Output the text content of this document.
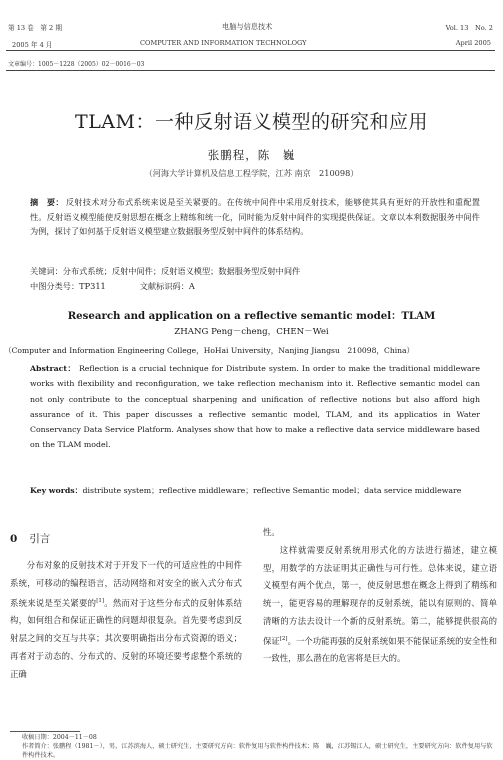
第 13 卷　第 2 期
2005 年 4 月
电脑与信息技术
COMPUTER AND INFORMATION TECHNOLOGY
Vol. 13　No. 2
April 2005
文章编号：1005－1228（2005）02－0016－03
TLAM：一种反射语义模型的研究和应用
张鹏程，陈　巍
（河海大学计算机及信息工程学院，江苏 南京　210098）
摘　要： 反射技术对分布式系统来说是至关紧要的。在传统中间件中采用反射技术，能够使其具有更好的开放性和重配置性。反射语义模型能使反射思想在概念上精练和统一化，同时能为反射中间件的实现提供保证。文章以本利数据服务中间件为例，探讨了如何基于反射语义模型建立数据服务型反射中间件的体系结构。
关键词：分布式系统；反射中间件；反射语义模型；数据服务型反射中间件
中图分类号：TP311	文献标识码：A
Research and application on a reflective semantic model：TLAM
ZHANG Peng－cheng，CHEN－Wei
（Computer and Information Engineering College，HoHai University，Nanjing Jiangsu　210098，China）
Abstract： Reflection is a crucial technique for Distribute system. In order to make the traditional middleware works with flexibility and reconfiguration, we take reflection mechanism into it. Reflective semantic model can not only contribute to the conceptual sharpening and unification of reflective notions but also afford high assurance of it. This paper discusses a reflective semantic model, TLAM, and its applicatios in Water Conservancy Data Service Platform. Analyses show that how to make a reflective data service middleware based on the TLAM model.
Key words：distribute system；reflective middleware；reflective Semantic model；data service middleware
0 引言

分布对象的反射技术对于开发下一代的可适应性的中间件系统，可移动的编程语言，活动网络和对安全的嵌入式分布式系统来说是至关紧要的[1]。然而对于这些分布式的反射体系结构，如何组合和保证正确性的问题却很复杂。首先要考虑到反射层之间的交互与共享；其次要明确指出分布式资源的语义；再者对于动态的、分布式的、反射的环境还要考虑整个系统的正确

性。

这样就需要反射系统用形式化的方法进行描述，建立模型，用数学的方法证明其正确性与可行性。总体来说，建立语义模型有两个优点，第一，使反射思想在概念上得到了精练和统一，能更容易的理解现存的反射系统，能以有原则的、简单清晰的方法去设计一个新的反射系统。第二，能够提供很高的保证[2]。一个功能再强的反射系统如果不能保证系统的安全性和一致性，那么潜在的危害将是巨大的。

收稿日期：2004－11－08
作者简介：张鹏程（1981－），男，江苏滨海人，硕士研究生，主要研究方向：软件复用与软件构件技术；陈　巍，江苏锡江人，硕士研究生，主要研究方向：软件复用与软件构件技术。
